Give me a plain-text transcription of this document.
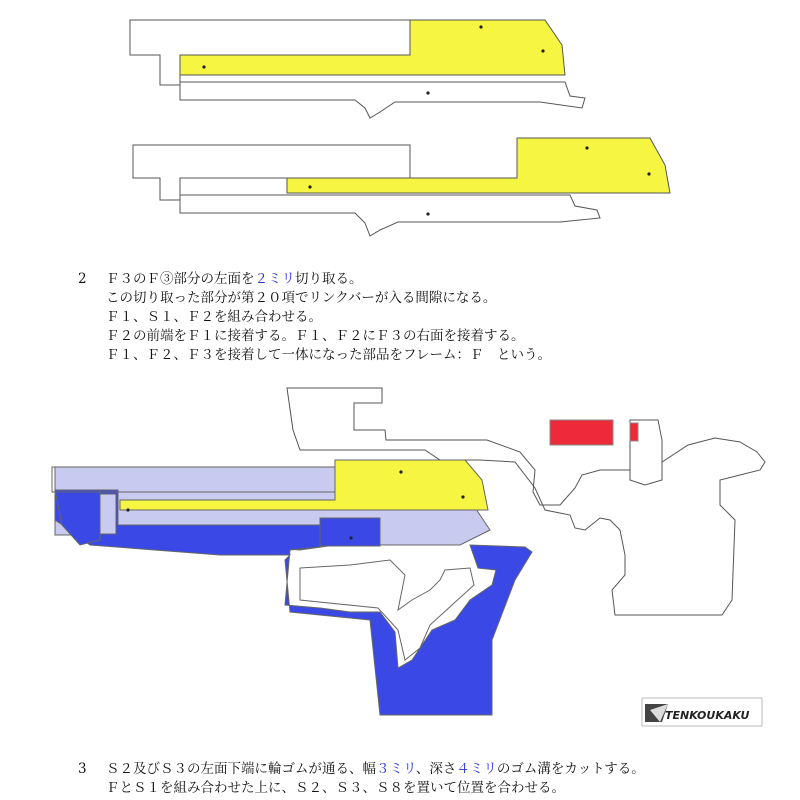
TENKOUKAKU
2 Ｆ３のＦ③部分の左面を２ミリ切り取る。
この切り取った部分が第２０項でリンクバーが入る間隙になる。
Ｆ１、Ｓ１、Ｆ２を組み合わせる。
Ｆ２の前端をＦ１に接着する。Ｆ１、Ｆ２にＦ３の右面を接着する。
Ｆ１、Ｆ２、Ｆ３を接着して一体になった部品をフレーム：Ｆ　という。
3 Ｓ２及びＳ３の左面下端に輪ゴムが通る、幅３ミリ、深さ４ミリのゴム溝をカットする。
ＦとＳ１を組み合わせた上に、Ｓ２、Ｓ３、Ｓ８を置いて位置を合わせる。
